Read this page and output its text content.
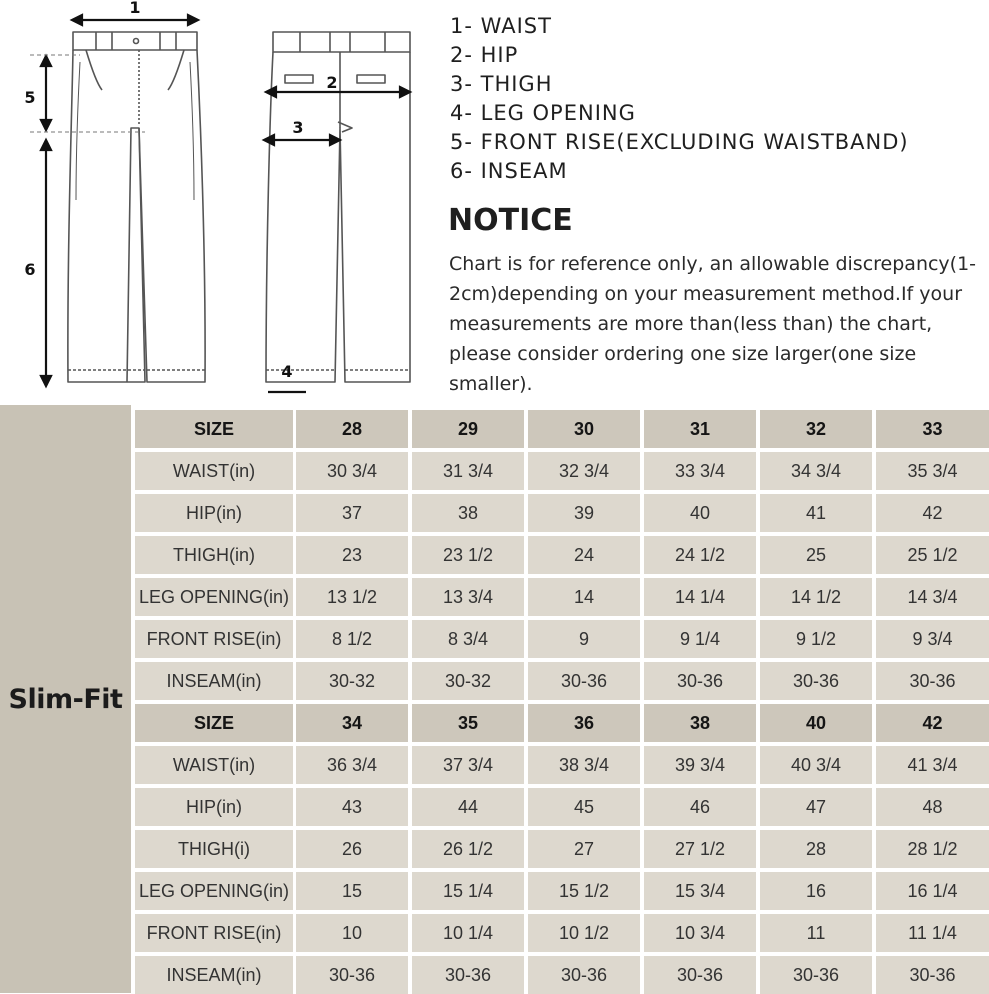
1
2
3
4
5
6
1- WAIST
2- HIP
3- THIGH
4- LEG OPENING
5- FRONT RISE(EXCLUDING WAISTBAND)
6- INSEAM
NOTICE

Chart is for reference only, an allowable discrepancy(1-2cm)depending on your measurement method.If your measurements are more than(less than) the chart, please consider ordering one size larger(one size smaller).

Slim-Fit
SIZE	28	29	30	31	32	33
WAIST(in)	30 3/4	31 3/4	32 3/4	33 3/4	34 3/4	35 3/4
HIP(in)	37	38	39	40	41	42
THIGH(in)	23	23 1/2	24	24 1/2	25	25 1/2
LEG OPENING(in)	13 1/2	13 3/4	14	14 1/4	14 1/2	14 3/4
FRONT RISE(in)	8 1/2	8 3/4	9	9 1/4	9 1/2	9 3/4
INSEAM(in)	30-32	30-32	30-36	30-36	30-36	30-36
SIZE	34	35	36	38	40	42
WAIST(in)	36 3/4	37 3/4	38 3/4	39 3/4	40 3/4	41 3/4
HIP(in)	43	44	45	46	47	48
THIGH(i)	26	26 1/2	27	27 1/2	28	28 1/2
LEG OPENING(in)	15	15 1/4	15 1/2	15 3/4	16	16 1/4
FRONT RISE(in)	10	10 1/4	10 1/2	10 3/4	11	11 1/4
INSEAM(in)	30-36	30-36	30-36	30-36	30-36	30-36
